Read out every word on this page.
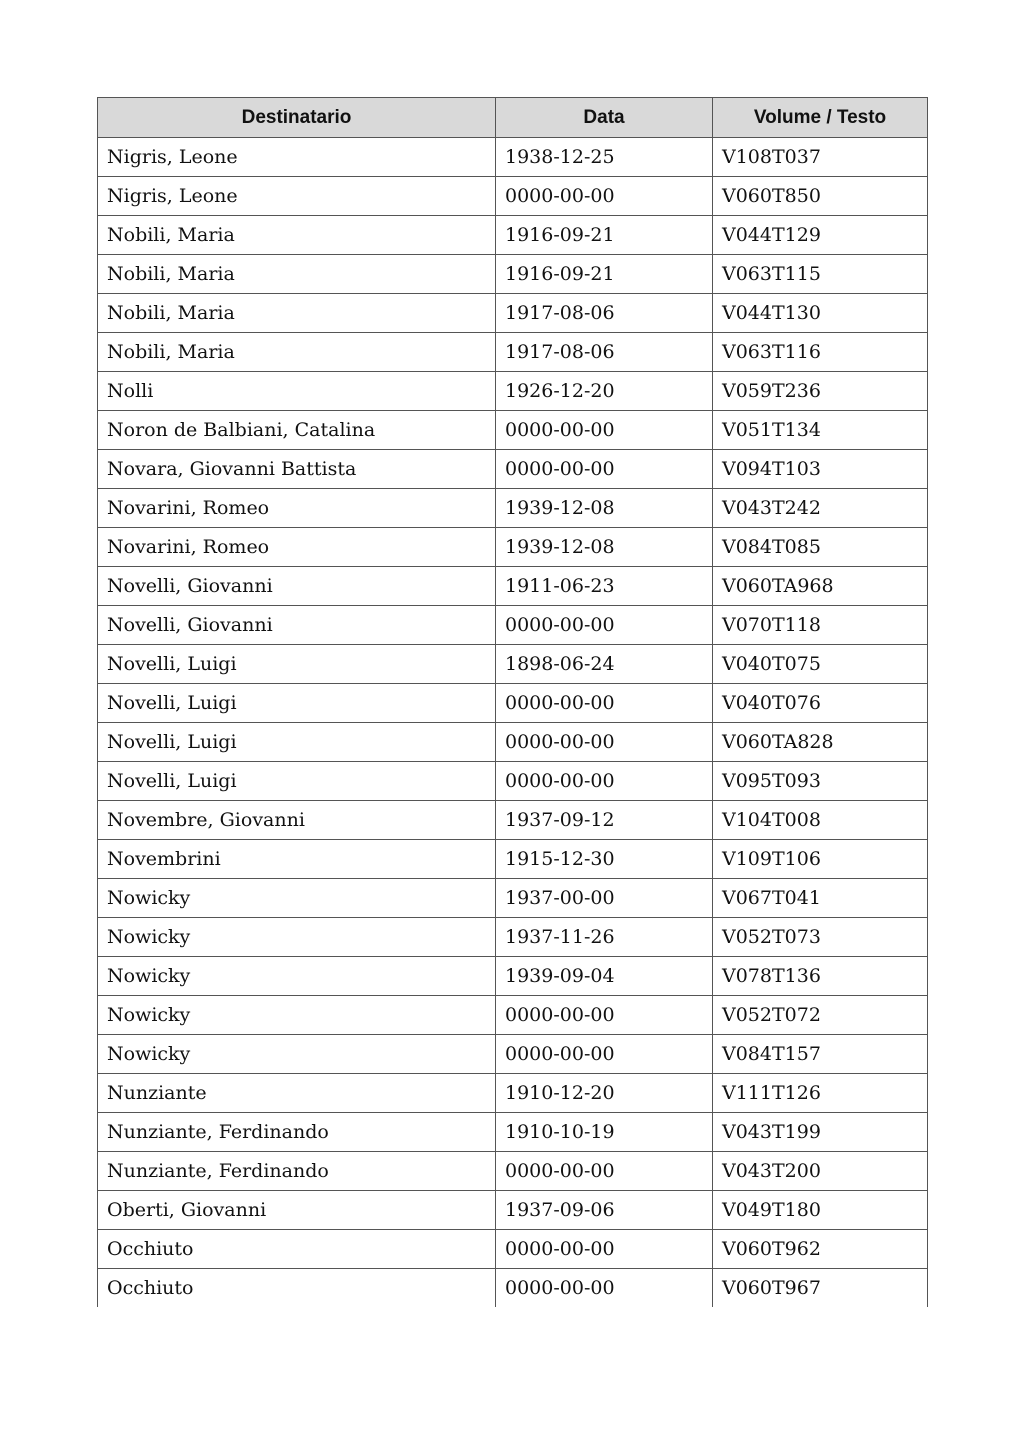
Destinatario	Data	Volume / Testo
Nigris, Leone	1938-12-25	V108T037
Nigris, Leone	0000-00-00	V060T850
Nobili, Maria	1916-09-21	V044T129
Nobili, Maria	1916-09-21	V063T115
Nobili, Maria	1917-08-06	V044T130
Nobili, Maria	1917-08-06	V063T116
Nolli	1926-12-20	V059T236
Noron de Balbiani, Catalina	0000-00-00	V051T134
Novara, Giovanni Battista	0000-00-00	V094T103
Novarini, Romeo	1939-12-08	V043T242
Novarini, Romeo	1939-12-08	V084T085
Novelli, Giovanni	1911-06-23	V060TA968
Novelli, Giovanni	0000-00-00	V070T118
Novelli, Luigi	1898-06-24	V040T075
Novelli, Luigi	0000-00-00	V040T076
Novelli, Luigi	0000-00-00	V060TA828
Novelli, Luigi	0000-00-00	V095T093
Novembre, Giovanni	1937-09-12	V104T008
Novembrini	1915-12-30	V109T106
Nowicky	1937-00-00	V067T041
Nowicky	1937-11-26	V052T073
Nowicky	1939-09-04	V078T136
Nowicky	0000-00-00	V052T072
Nowicky	0000-00-00	V084T157
Nunziante	1910-12-20	V111T126
Nunziante, Ferdinando	1910-10-19	V043T199
Nunziante, Ferdinando	0000-00-00	V043T200
Oberti, Giovanni	1937-09-06	V049T180
Occhiuto	0000-00-00	V060T962
Occhiuto	0000-00-00	V060T967
